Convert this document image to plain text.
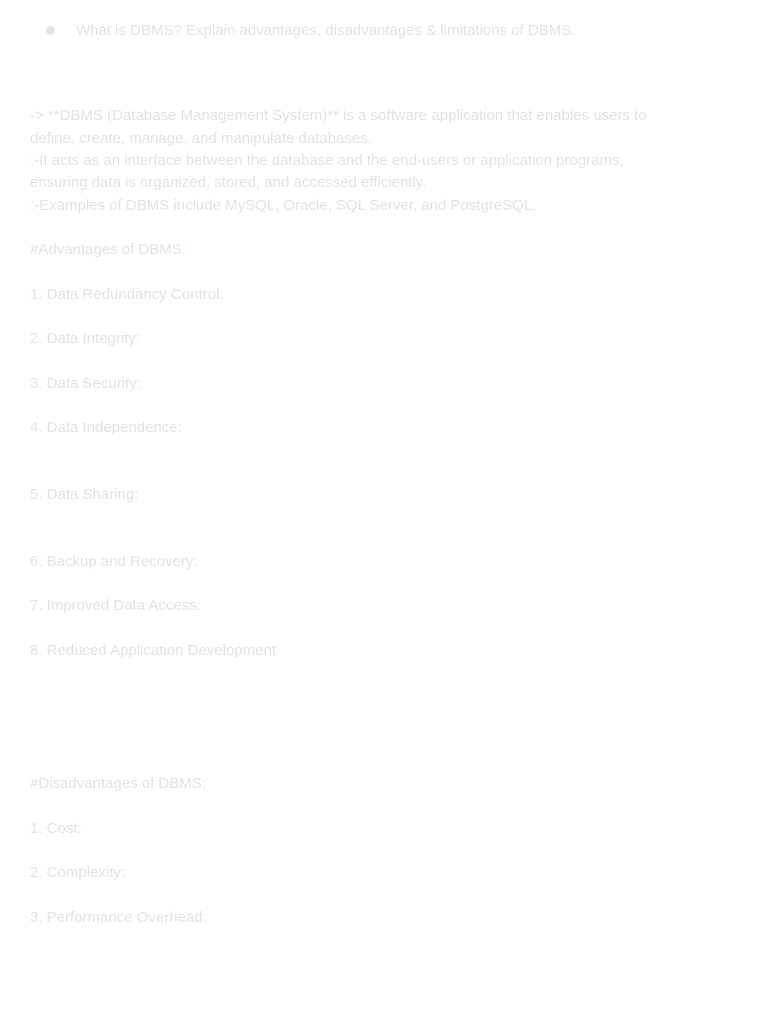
What is DBMS? Explain advantages, disadvantages & limitations of DBMS.
-> **DBMS (Database Management System)** is a software application that enables users to
define, create, manage, and manipulate databases.
:-It acts as an interface between the database and the end-users or application programs,
ensuring data is organized, stored, and accessed efficiently.
:-Examples of DBMS include MySQL, Oracle, SQL Server, and PostgreSQL.
#Advantages of DBMS:
1. Data Redundancy Control:
2. Data Integrity:
3. Data Security:
4. Data Independence:
5. Data Sharing:
6. Backup and Recovery:
7. Improved Data Access:
8. Reduced Application Development
#Disadvantages of DBMS:
1. Cost:
2. Complexity:
3. Performance Overhead:
